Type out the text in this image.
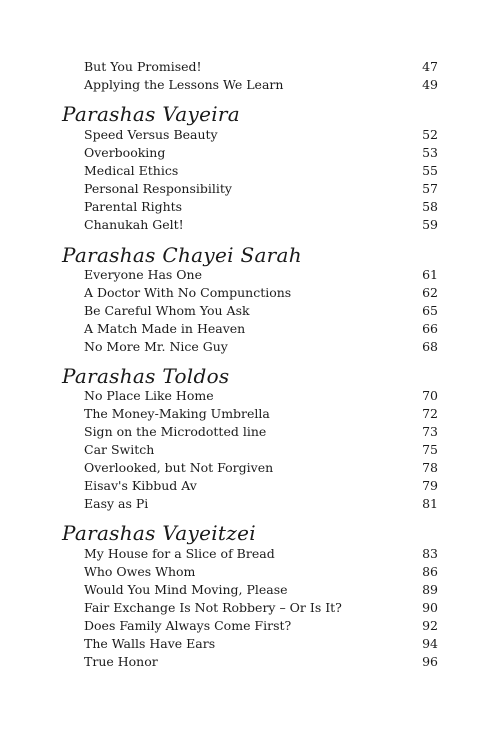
But You Promised!	47
Applying the Lessons We Learn	49
Parashas Vayeira
Speed Versus Beauty	52
Overbooking	53
Medical Ethics	55
Personal Responsibility	57
Parental Rights	58
Chanukah Gelt!	59
Parashas Chayei Sarah
Everyone Has One	61
A Doctor With No Compunctions	62
Be Careful Whom You Ask	65
A Match Made in Heaven	66
No More Mr. Nice Guy	68
Parashas Toldos
No Place Like Home	70
The Money-Making Umbrella	72
Sign on the Microdotted line	73
Car Switch	75
Overlooked, but Not Forgiven	78
Eisav's Kibbud Av	79
Easy as Pi	81
Parashas Vayeitzei
My House for a Slice of Bread	83
Who Owes Whom	86
Would You Mind Moving, Please	89
Fair Exchange Is Not Robbery – Or Is It?	90
Does Family Always Come First?	92
The Walls Have Ears	94
True Honor	96
